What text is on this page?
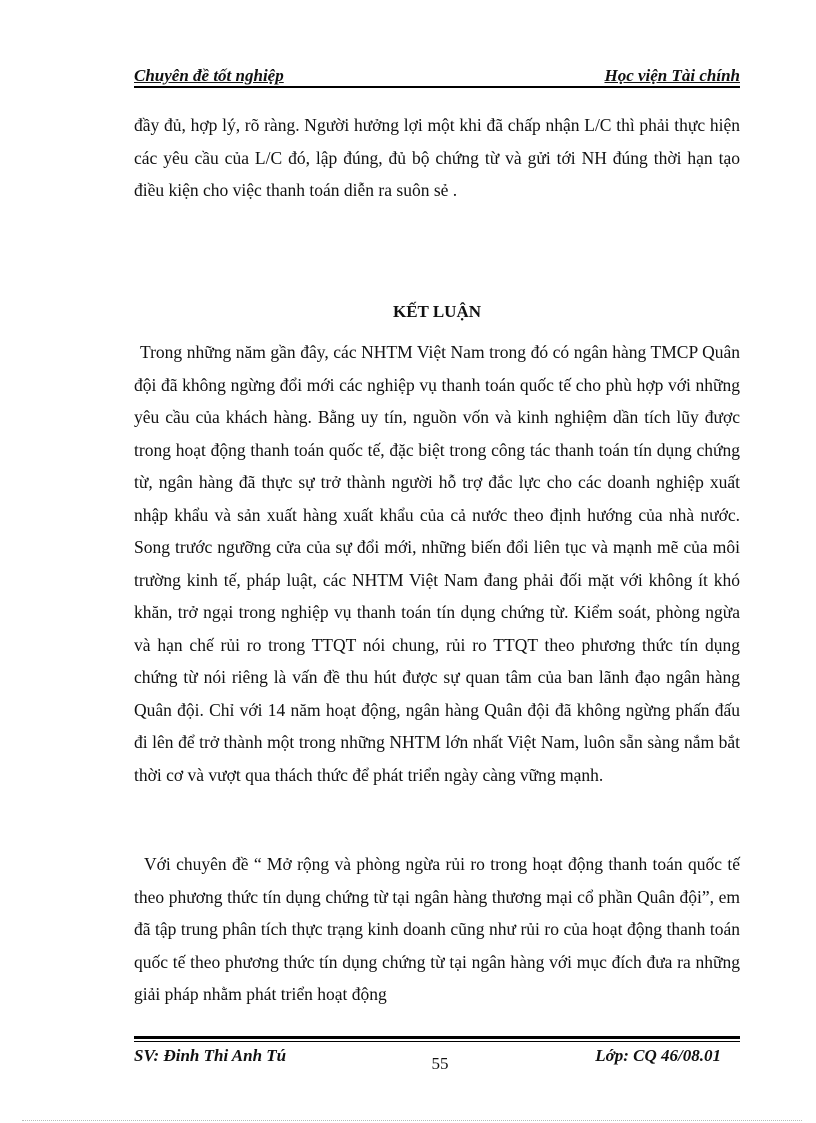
Chuyên đề tốt nghiệp	Học viện Tài chính
đầy đủ, hợp lý, rõ ràng. Người hưởng lợi một khi đã chấp nhận L/C thì phải thực hiện các yêu cầu của L/C đó, lập đúng, đủ bộ chứng từ và gửi tới NH đúng thời hạn tạo điều kiện cho việc thanh toán diễn ra suôn sẻ .
KẾT LUẬN
Trong những năm gần đây, các NHTM Việt Nam trong đó có ngân hàng TMCP Quân đội đã không ngừng đổi mới các nghiệp vụ thanh toán quốc tế cho phù hợp với những yêu cầu của khách hàng. Bằng uy tín, nguồn vốn và kinh nghiệm dần tích lũy được trong hoạt động thanh toán quốc tế, đặc biệt trong công tác thanh toán tín dụng chứng từ, ngân hàng đã thực sự trở thành người hỗ trợ đắc lực cho các doanh nghiệp xuất nhập khẩu và sản xuất hàng xuất khẩu của cả nước theo định hướng của nhà nước. Song trước ngưỡng cửa của sự đổi mới, những biến đổi liên tục và mạnh mẽ của môi trường kinh tế, pháp luật, các NHTM Việt Nam đang phải đối mặt với không ít khó khăn, trở ngại trong nghiệp vụ thanh toán tín dụng chứng từ. Kiểm soát, phòng ngừa và hạn chế rủi ro trong TTQT nói chung, rủi ro TTQT theo phương thức tín dụng chứng từ nói riêng là vấn đề thu hút được sự quan tâm của ban lãnh đạo ngân hàng Quân đội. Chỉ với 14 năm hoạt động, ngân hàng Quân đội đã không ngừng phấn đấu đi lên để trở thành một trong những NHTM lớn nhất Việt Nam, luôn sẵn sàng nắm bắt thời cơ và vượt qua thách thức để phát triển ngày càng vững mạnh.
Với chuyên đề “ Mở rộng và phòng ngừa rủi ro trong hoạt động thanh toán quốc tế theo phương thức tín dụng chứng từ tại ngân hàng thương mại cổ phần Quân đội”, em đã tập trung phân tích thực trạng kinh doanh cũng như rủi ro của hoạt động thanh toán quốc tế theo phương thức tín dụng chứng từ tại ngân hàng với mục đích đưa ra những giải pháp nhằm phát triển hoạt động
SV: Đinh Thi Anh Tú	55	Lớp: CQ 46/08.01
